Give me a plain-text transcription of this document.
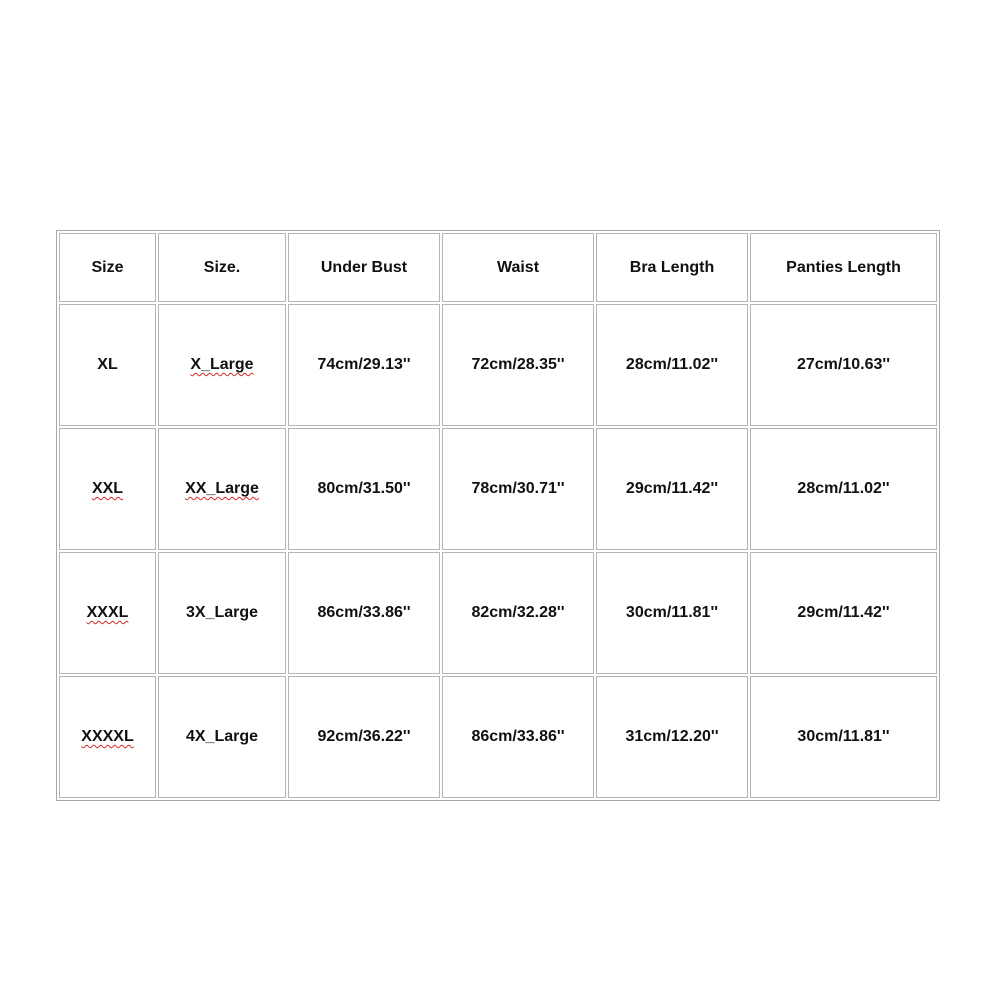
Size	Size.	Under Bust	Waist	Bra Length	Panties Length
XL	X_Large	74cm/29.13''	72cm/28.35''	28cm/11.02''	27cm/10.63''
XXL	XX_Large	80cm/31.50''	78cm/30.71''	29cm/11.42''	28cm/11.02''
XXXL	3X_Large	86cm/33.86''	82cm/32.28''	30cm/11.81''	29cm/11.42''
XXXXL	4X_Large	92cm/36.22''	86cm/33.86''	31cm/12.20''	30cm/11.81''
